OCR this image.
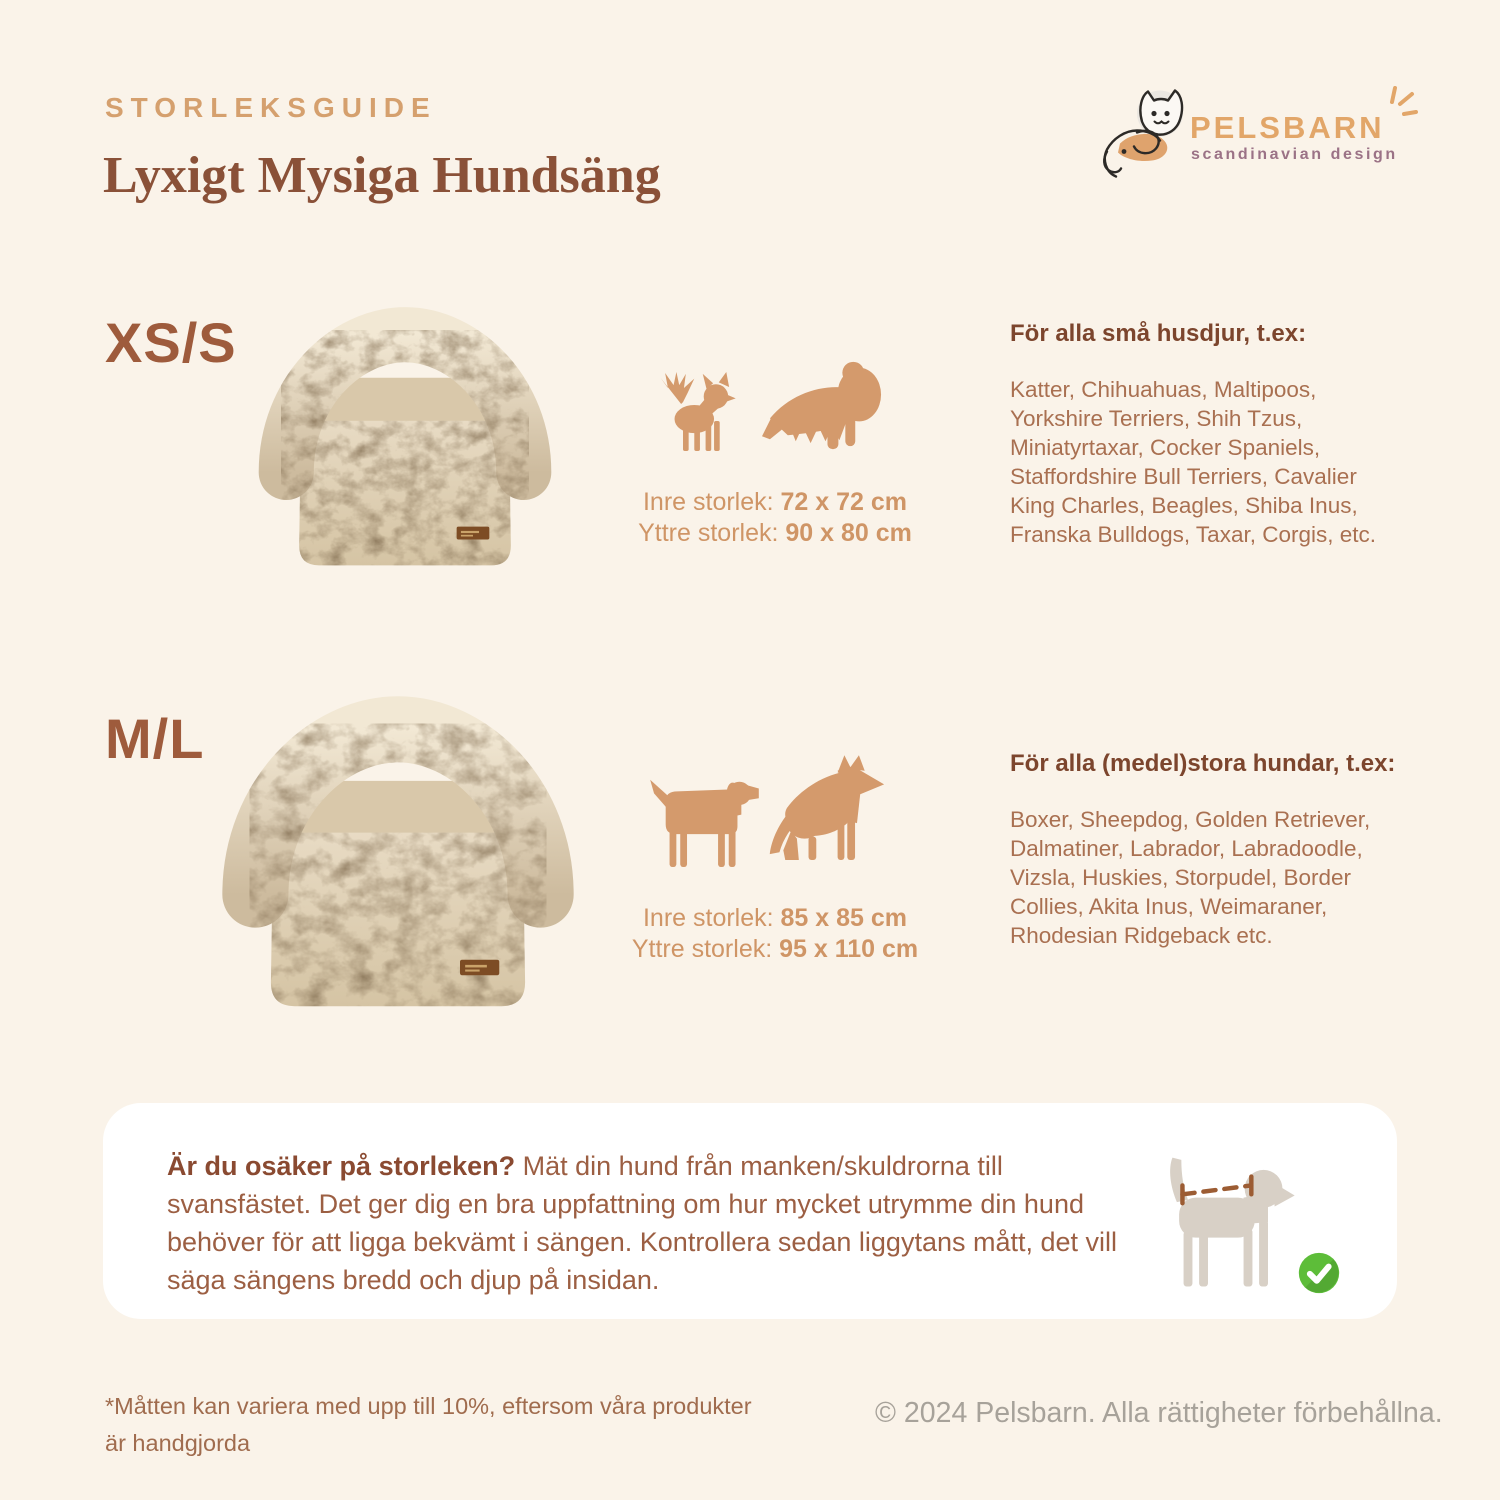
STORLEKSGUIDE
Lyxigt Mysiga Hundsäng
PELSBARN
scandinavian design
XS/S
Inre storlek: 72 x 72 cm
Yttre storlek: 90 x 80 cm
För alla små husdjur, t.ex:
Katter, Chihuahuas, Maltipoos, Yorkshire Terriers, Shih Tzus, Miniatyrtaxar, Cocker Spaniels, Staffordshire Bull Terriers, Cavalier King Charles, Beagles, Shiba Inus, Franska Bulldogs, Taxar, Corgis, etc.
M/L
Inre storlek: 85 x 85 cm
Yttre storlek: 95 x 110 cm
För alla (medel)stora hundar, t.ex:
Boxer, Sheepdog, Golden Retriever, Dalmatiner, Labrador, Labradoodle, Vizsla, Huskies, Storpudel, Border Collies, Akita Inus, Weimaraner, Rhodesian Ridgeback etc.
Är du osäker på storleken? Mät din hund från manken/skuldrorna till svansfästet. Det ger dig en bra uppfattning om hur mycket utrymme din hund behöver för att ligga bekvämt i sängen. Kontrollera sedan liggytans mått, det vill säga sängens bredd och djup på insidan.
*Måtten kan variera med upp till 10%, eftersom våra produkter är handgjorda
© 2024 Pelsbarn. Alla rättigheter förbehållna.
